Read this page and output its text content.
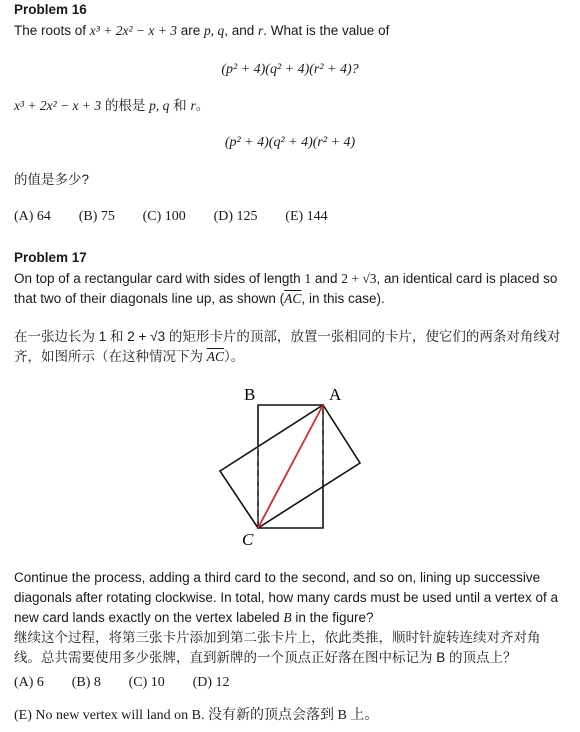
Problem 16
The roots of x³ + 2x² − x + 3 are p, q, and r. What is the value of
(p² + 4)(q² + 4)(r² + 4)?
x³ + 2x² − x + 3 的根是 p, q 和 r。
(p² + 4)(q² + 4)(r² + 4)
的值是多少?
(A) 64 (B) 75 (C) 100 (D) 125 (E) 144
Problem 17
On top of a rectangular card with sides of length 1 and 2 + √3, an identical card is placed so that two of their diagonals line up, as shown ($\overline{AC}$, in this case).
在一张边长为 1 和 2 + √3 的矩形卡片的顶部，放置一张相同的卡片，使它们的两条对角线对齐，如图所示（在这种情况下为 $\overline{AC}$）。
B	A
C
Continue the process, adding a third card to the second, and so on, lining up successive diagonals after rotating clockwise. In total, how many cards must be used until a vertex of a new card lands exactly on the vertex labeled B in the figure?
继续这个过程，将第三张卡片添加到第二张卡片上，依此类推，顺时针旋转连续对齐对角线。总共需要使用多少张牌，直到新牌的一个顶点正好落在图中标记为 B 的顶点上？
(A) 6 (B) 8 (C) 10 (D) 12
(E) No new vertex will land on B. 没有新的顶点会落到 B 上。
